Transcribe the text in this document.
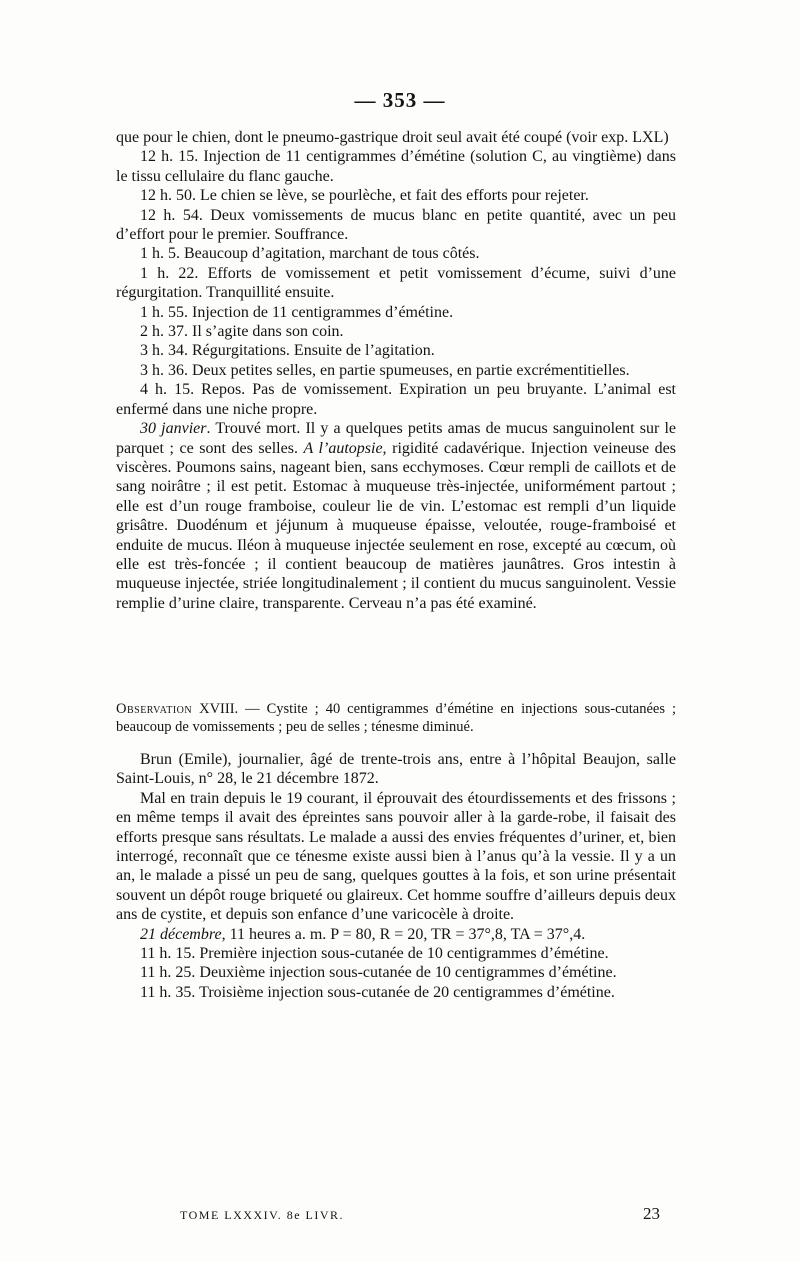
— 353 —

que pour le chien, dont le pneumo-gastrique droit seul avait été coupé (voir exp. LXL)

12 h. 15. Injection de 11 centigrammes d’émétine (solution C, au vingtième) dans le tissu cellulaire du flanc gauche.

12 h. 50. Le chien se lève, se pourlèche, et fait des efforts pour rejeter.

12 h. 54. Deux vomissements de mucus blanc en petite quantité, avec un peu d’effort pour le premier. Souffrance.

1 h. 5. Beaucoup d’agitation, marchant de tous côtés.

1 h. 22. Efforts de vomissement et petit vomissement d’écume, suivi d’une régurgitation. Tranquillité ensuite.

1 h. 55. Injection de 11 centigrammes d’émétine.

2 h. 37. Il s’agite dans son coin.

3 h. 34. Régurgitations. Ensuite de l’agitation.

3 h. 36. Deux petites selles, en partie spumeuses, en partie excrémentitielles.

4 h. 15. Repos. Pas de vomissement. Expiration un peu bruyante. L’animal est enfermé dans une niche propre.

30 janvier. Trouvé mort. Il y a quelques petits amas de mucus sanguinolent sur le parquet ; ce sont des selles. A l’autopsie, rigidité cadavérique. Injection veineuse des viscères. Poumons sains, nageant bien, sans ecchymoses. Cœur rempli de caillots et de sang noirâtre ; il est petit. Estomac à muqueuse très-injectée, uniformément partout ; elle est d’un rouge framboise, couleur lie de vin. L’estomac est rempli d’un liquide grisâtre. Duodénum et jéjunum à muqueuse épaisse, veloutée, rouge-framboisé et enduite de mucus. Iléon à muqueuse injectée seulement en rose, excepté au cœcum, où elle est très-foncée ; il contient beaucoup de matières jaunâtres. Gros intestin à muqueuse injectée, striée longitudinalement ; il contient du mucus sanguinolent. Vessie remplie d’urine claire, transparente. Cerveau n’a pas été examiné.

Observation XVIII. — Cystite ; 40 centigrammes d’émétine en injections sous-cutanées ; beaucoup de vomissements ; peu de selles ; ténesme diminué.

Brun (Emile), journalier, âgé de trente-trois ans, entre à l’hôpital Beaujon, salle Saint-Louis, n° 28, le 21 décembre 1872.

Mal en train depuis le 19 courant, il éprouvait des étourdissements et des frissons ; en même temps il avait des épreintes sans pouvoir aller à la garde-robe, il faisait des efforts presque sans résultats. Le malade a aussi des envies fréquentes d’uriner, et, bien interrogé, reconnaît que ce ténesme existe aussi bien à l’anus qu’à la vessie. Il y a un an, le malade a pissé un peu de sang, quelques gouttes à la fois, et son urine présentait souvent un dépôt rouge briqueté ou glaireux. Cet homme souffre d’ailleurs depuis deux ans de cystite, et depuis son enfance d’une varicocèle à droite.

21 décembre, 11 heures a. m. P = 80, R = 20, TR = 37°,8, TA = 37°,4.

11 h. 15. Première injection sous-cutanée de 10 centigrammes d’émétine.

11 h. 25. Deuxième injection sous-cutanée de 10 centigrammes d’émétine.

11 h. 35. Troisième injection sous-cutanée de 20 centigrammes d’émétine.

TOME LXXXIV. 8e LIVR.	23
